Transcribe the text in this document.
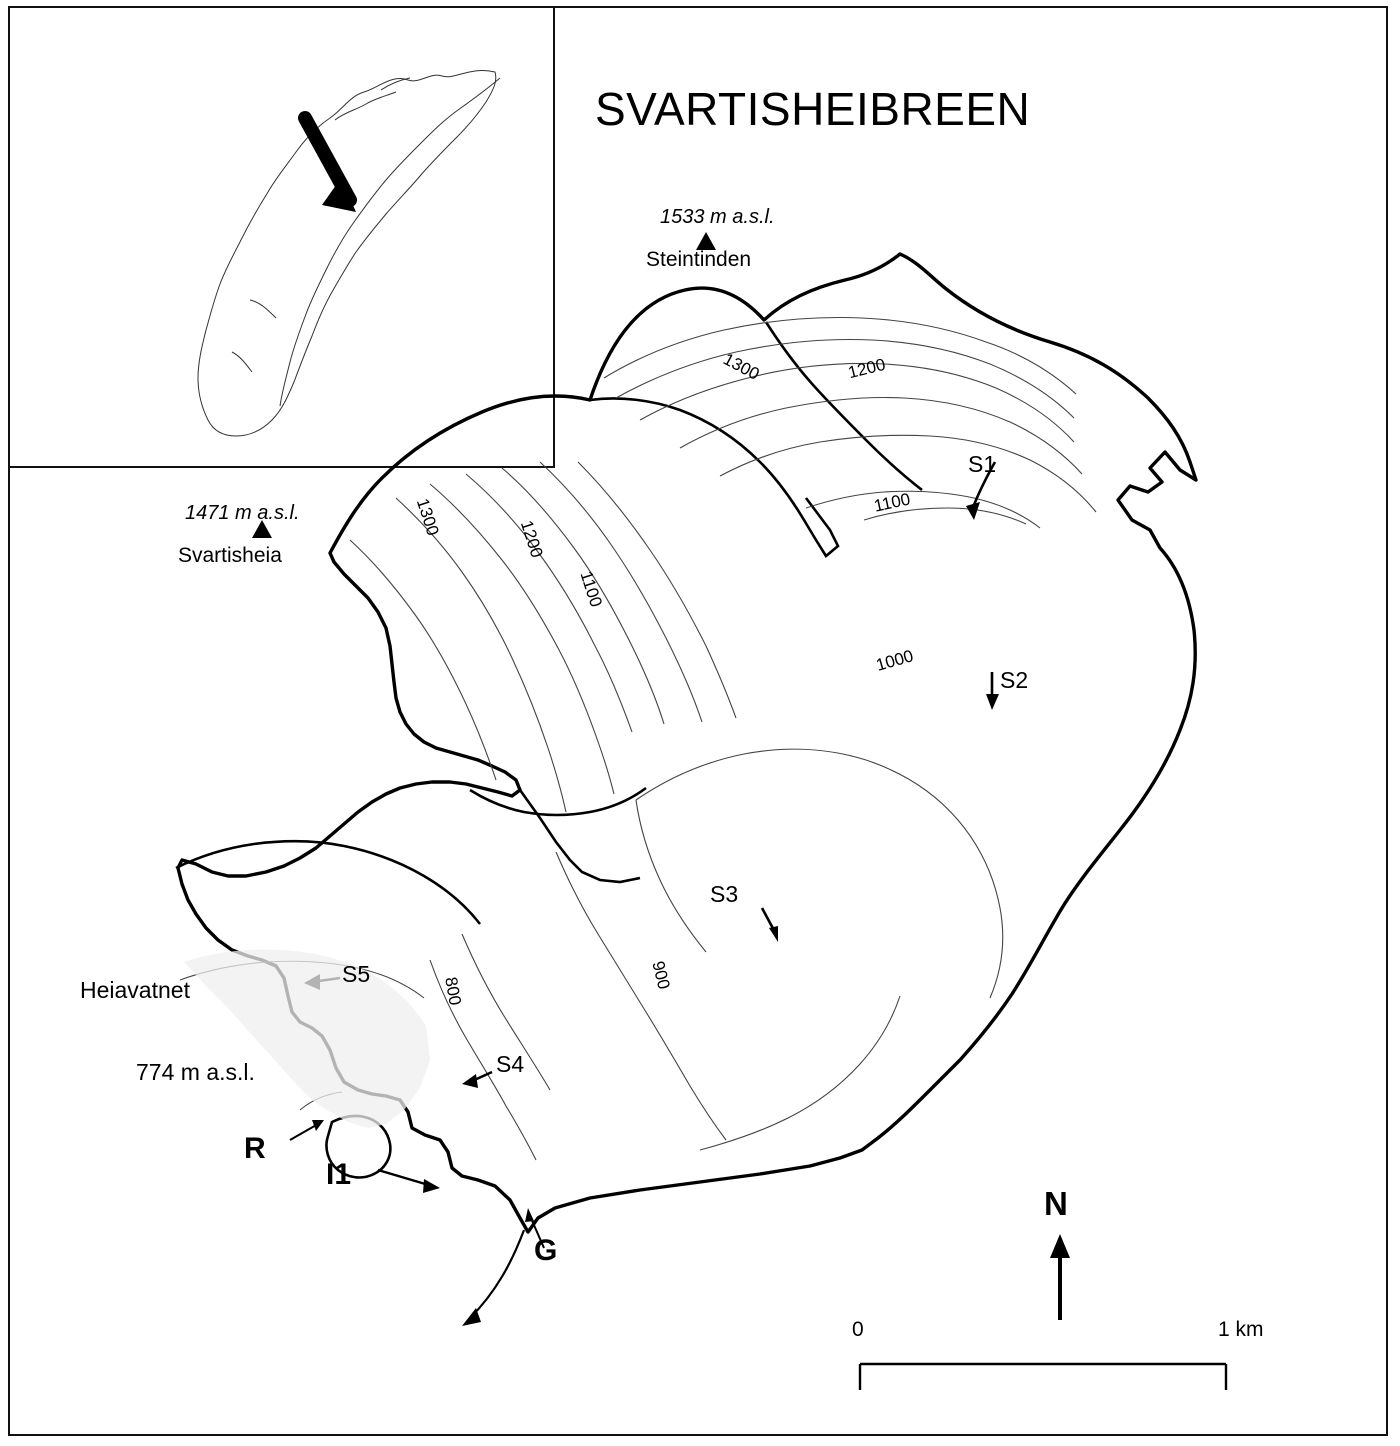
SVARTISHEIBREEN
1533 m a.s.l.
Steintinden
1471 m a.s.l.
Svartisheia
1300	1200
1100
1300
1200
1100
1000
900
800
S1
S2
S3
S4
S5
Heiavatnet
774 m a.s.l.
R
I1
G
N
0	1 km
